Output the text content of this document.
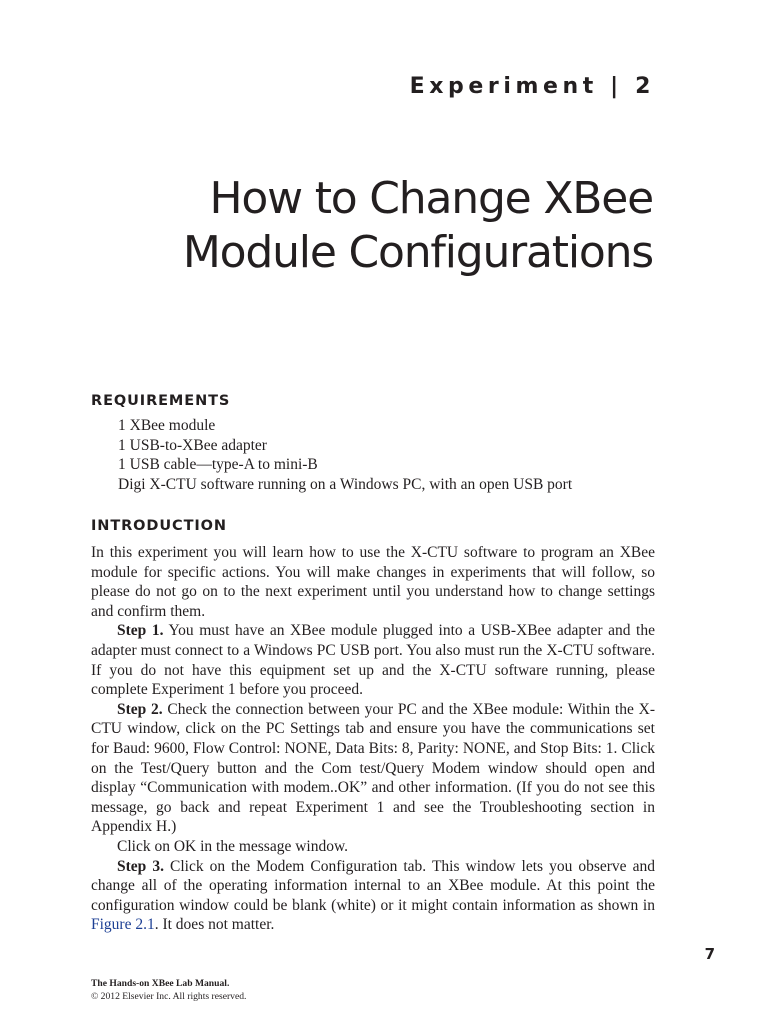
Experiment | 2
How to Change XBee
Module Configurations
REQUIREMENTS
1 XBee module
1 USB-to-XBee adapter
1 USB cable—type-A to mini-B
Digi X-CTU software running on a Windows PC, with an open USB port
INTRODUCTION

In this experiment you will learn how to use the X-CTU software to program an XBee module for specific actions. You will make changes in experiments that will follow, so please do not go on to the next experiment until you understand how to change settings and confirm them.

Step 1. You must have an XBee module plugged into a USB-XBee adapter and the adapter must connect to a Windows PC USB port. You also must run the X-CTU software. If you do not have this equipment set up and the X-CTU software running, please complete Experiment 1 before you proceed.

Step 2. Check the connection between your PC and the XBee module: Within the X-CTU window, click on the PC Settings tab and ensure you have the communications set for Baud: 9600, Flow Control: NONE, Data Bits: 8, Parity: NONE, and Stop Bits: 1. Click on the Test/Query button and the Com test/Query Modem window should open and display “Communication with modem..OK” and other information. (If you do not see this message, go back and repeat Experiment 1 and see the Troubleshooting section in Appendix H.)

Click on OK in the message window.

Step 3. Click on the Modem Configuration tab. This window lets you observe and change all of the operating information internal to an XBee module. At this point the configuration window could be blank (white) or it might contain information as shown in Figure 2.1. It does not matter.

7
The Hands-on XBee Lab Manual.
© 2012 Elsevier Inc. All rights reserved.
